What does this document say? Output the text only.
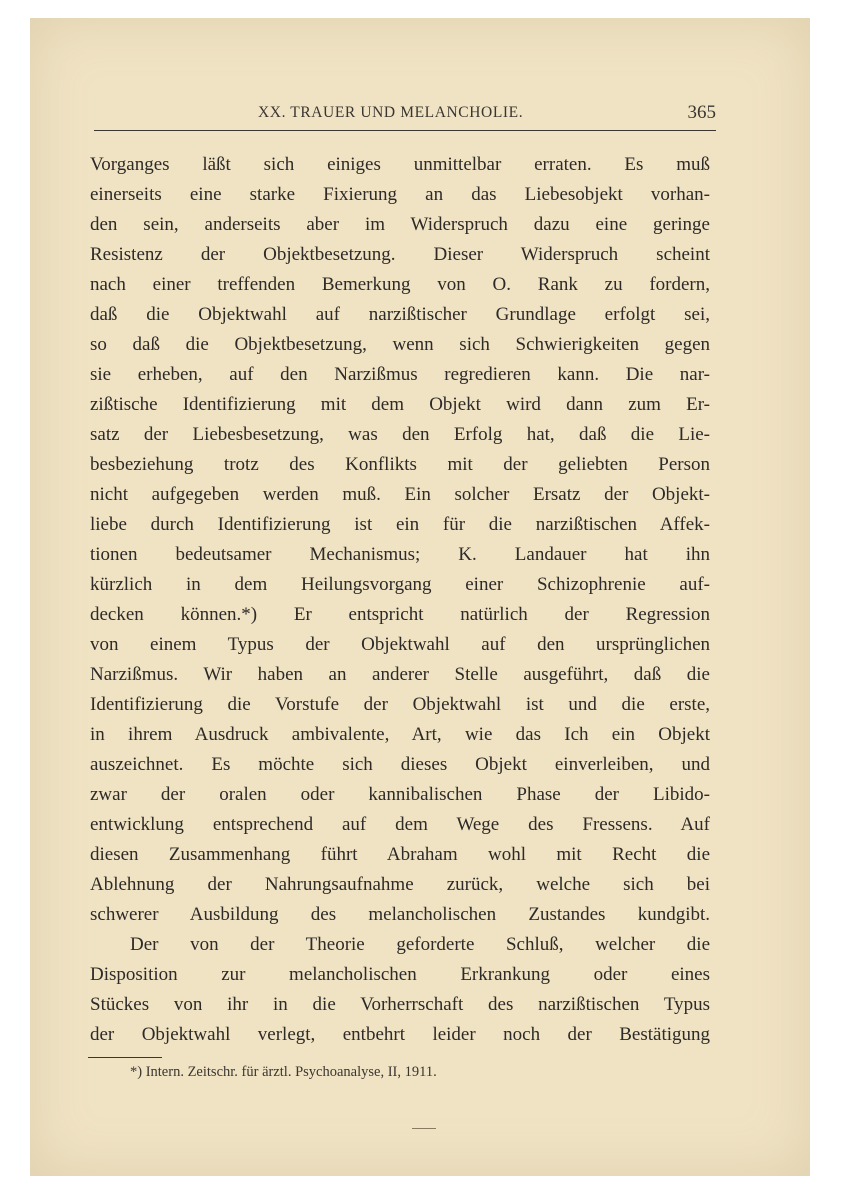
XX. TRAUER UND MELANCHOLIE.	365
Vorganges läßt sich einiges unmittelbar erraten. Es muß
einerseits eine starke Fixierung an das Liebesobjekt vorhan-
den sein, anderseits aber im Widerspruch dazu eine geringe
Resistenz der Objektbesetzung. Dieser Widerspruch scheint
nach einer treffenden Bemerkung von O. Rank zu fordern,
daß die Objektwahl auf narzißtischer Grundlage erfolgt sei,
so daß die Objektbesetzung, wenn sich Schwierigkeiten gegen
sie erheben, auf den Narzißmus regredieren kann. Die nar-
zißtische Identifizierung mit dem Objekt wird dann zum Er-
satz der Liebesbesetzung, was den Erfolg hat, daß die Lie-
besbeziehung trotz des Konflikts mit der geliebten Person
nicht aufgegeben werden muß. Ein solcher Ersatz der Objekt-
liebe durch Identifizierung ist ein für die narzißtischen Affek-
tionen bedeutsamer Mechanismus; K. Landauer hat ihn
kürzlich in dem Heilungsvorgang einer Schizophrenie auf-
decken können.*) Er entspricht natürlich der Regression
von einem Typus der Objektwahl auf den ursprünglichen
Narzißmus. Wir haben an anderer Stelle ausgeführt, daß die
Identifizierung die Vorstufe der Objektwahl ist und die erste,
in ihrem Ausdruck ambivalente, Art, wie das Ich ein Objekt
auszeichnet. Es möchte sich dieses Objekt einverleiben, und
zwar der oralen oder kannibalischen Phase der Libido-
entwicklung entsprechend auf dem Wege des Fressens. Auf
diesen Zusammenhang führt Abraham wohl mit Recht die
Ablehnung der Nahrungsaufnahme zurück, welche sich bei
schwerer Ausbildung des melancholischen Zustandes kundgibt.
Der von der Theorie geforderte Schluß, welcher die
Disposition zur melancholischen Erkrankung oder eines
Stückes von ihr in die Vorherrschaft des narzißtischen Typus
der Objektwahl verlegt, entbehrt leider noch der Bestätigung
*) Intern. Zeitschr. für ärztl. Psychoanalyse, II, 1911.
